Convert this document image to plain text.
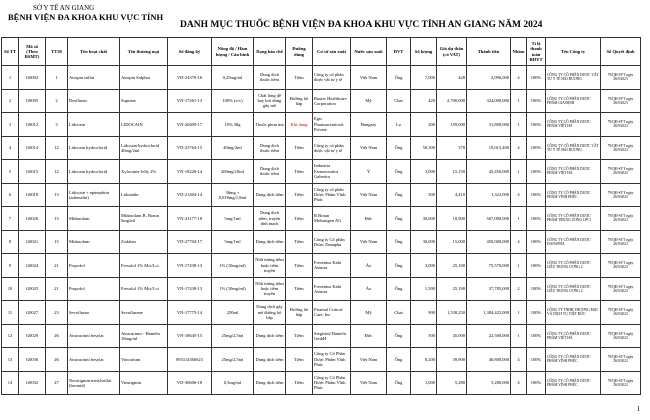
SỞ Y TẾ AN GIANG
BỆNH VIỆN ĐA KHOA KHU VỰC TỈNH
DANH MỤC THUỐC BỆNH VIỆN ĐA KHOA KHU VỰC TỈNH AN GIANG NĂM 2024
Số TT	Mã số (Theo BSMT)	TT30	Tên hoạt chất	Tên thương mại	Số đăng ký	Nồng độ / Hàm lượng / Cân binh	Dạng bào chế	Đường dùng	Cơ sở sản xuất	Nước sản xuất	ĐVT	Số lượng	Giá dự thầu (có VAT)	Thành tiền	Nhóm	Tỉ lệ thanh toán BHYT	Tên Công ty	Số Quyết định
1	G0002	1	Atropin sulfat	Atropin Sulphat	VD-24370-16	0,25mg/ml	Dung dịch thuốc tiêm	Tiêm	Công ty cổ phần dược vật tư y tế	Việt Nam	Ống	7,000	428	2,996,000	4	100%	CÔNG TY CỔ PHẦN DƯỢC VẬT TƯ Y TẾ HẢI DƯƠNG	79/QĐ-SYT ngày 26/9/2023
2	G0005	2	Desfluran	Suprane	VN-17261-13	100% (v/v)	Chất lỏng dễ bay hơi dùng gây mê	Đường hô hấp	Baxter Healthcare Corporation	Mỹ	Chai	420	2,700,000	324,000,000	1	100%	CÔNG TY CỔ PHẦN DƯỢC PHẨM GIA ĐỊNH	79/QĐ-SYT ngày 26/9/2023
3	G0012	3	Lidocain	LIDOCAIN	VN-20409-17	10% 38g	Thuốc phun mù	Khí dung	Egis Pharmaceuticals Private	Hungary	Lọ	200	159,000	31,800,000	1	100%	CÔNG TY CỔ PHẦN DƯỢC PHẨM VIỆT HÀ	79/QĐ-SYT ngày 26/9/2023
4	G0014	12	Lidocain hydroclorid	Lidocain hydroclorid 40mg/2ml	VD-23764-15	40mg/2ml	Dung dịch thuốc tiêm	Tiêm	Công ty cổ phần dược vật tư y tế	Việt Nam	Ống	50,300	378	19,013,400	4	100%	CÔNG TY CỔ PHẦN DƯỢC VẬT TƯ Y TẾ HẢI DƯƠNG	79/QĐ-SYT ngày 26/9/2023
5	G0015	12	Lidocain hydroclorid	Xylocaine Jelly 2%	VN-18226-14	200mg/10ml	Dung dịch thuốc tiêm	Tiêm	Industria Farmaceutica Galenica	Ý	Ống	3,000	15,150	45,450,000	1	100%	CÔNG TY CỔ PHẦN DƯỢC PHẨM VIỆT HÀ	79/QĐ-SYT ngày 26/9/2023
6	G0018	13	Lidocain + epinephrin (adrenalin)	Lidonalin	VD-21404-14	36mg + 0,018mg/1,8ml	Dung dịch tiêm	Tiêm	Công ty cổ phần Dược Phẩm Vĩnh Phúc	Việt Nam	Ống	300	4,410	1,323,000	4	100%	CÔNG TY CỔ PHẦN DƯỢC PHẨM VĨNH PHÚC	79/QĐ-SYT ngày 26/9/2023
7	G0020	15	Midazolam	Midazolam B. Braun 5mg/ml	VN-21177-18	5mg/1ml	Dung dịch tiêm, truyền tĩnh mạch	Tiêm	B.Braun Melsungen AG	Đức	Ống	30,000	18,900	567,000,000	1	100%	CÔNG TY CỔ PHẦN DƯỢC PHẨM TRUNG ƯƠNG CPC1	79/QĐ-SYT ngày 26/9/2023
8	G0021	15	Midazolam	Zodalan	VD-27704-17	5mg/1ml	Dung dịch tiêm	Tiêm	Công ty Cổ phần Dược Danapha	Việt Nam	Ống	30,000	15,000	450,000,000	4	100%	CÔNG TY CỔ PHẦN DƯỢC DANAPHA	79/QĐ-SYT ngày 26/9/2023
9	G0024	21	Propofol	Fresofol 1% Mct/Lct	VN-17438-13	1% (10mg/ml)	Nhũ tương tiêm hoặc tiêm truyền	Tiêm	Fresenius Kabi Austria	Áo	Ống	3,000	25,190	75,570,000	1	100%	CÔNG TY CỔ PHẦN DƯỢC LIỆU TRUNG ƯƠNG 2	79/QĐ-SYT ngày 26/9/2023
10	G0025	21	Propofol	Fresofol 1% Mct/Lct	VN-17438-13	1% (10mg/ml)	Nhũ tương tiêm hoặc tiêm truyền	Tiêm	Fresenius Kabi Austria	Áo	Ống	1,500	25,190	37,785,000	2	100%	CÔNG TY CỔ PHẦN DƯỢC LIỆU TRUNG ƯƠNG 2	79/QĐ-SYT ngày 26/9/2023
11	G0027	23	Sevofluran	Sevoflurane	VN-17775-14	250ml	Dung dịch gây mê đường hô hấp	Đường hô hấp	Piramal Critical Care, Inc	Mỹ	Chai	900	1,538,250	1,384,425,000	1	100%	CÔNG TY TNHH THƯƠNG MẠI VÀ DỊCH VỤ VIỆT ĐỨC	79/QĐ-SYT ngày 26/9/2023
12	G0029	26	Atracurium besylat	Atracurium - Hameln 10mg/ml	VN-18645-15	25mg/2,5ml	Dung dịch tiêm	Tiêm	Siegfried Hameln GmbH	Đức	Ống	500	45,000	22,500,000	1	100%	CÔNG TY CỔ PHẦN DƯỢC PHẨM VIỆT HÀ	79/QĐ-SYT ngày 26/9/2023
13	G0030	26	Atracurium besylat	Vincurium	893114366623	25mg/2,5ml	Dung dịch tiêm	Tiêm	Công ty Cổ Phần Dược Phẩm Vĩnh Phúc	Việt Nam	Ống	8,200	39,900	46,800,000	4	100%	CÔNG TY CỔ PHẦN DƯỢC PHẨM VĨNH PHÚC	79/QĐ-SYT ngày 26/9/2023
14	G0032	27	Neostigmin metylsulfat (bromid)	Vinstigmin	VD-30606-18	0,5mg/ml	Dung dịch tiêm	Tiêm	Công ty Cổ Phần Dược Phẩm Vĩnh Phúc	Việt Nam	Ống	1,000	5,280	5,280,000	4	100%	CÔNG TY CỔ PHẦN DƯỢC PHẨM VĨNH PHÚC	79/QĐ-SYT ngày 26/9/2023
1
